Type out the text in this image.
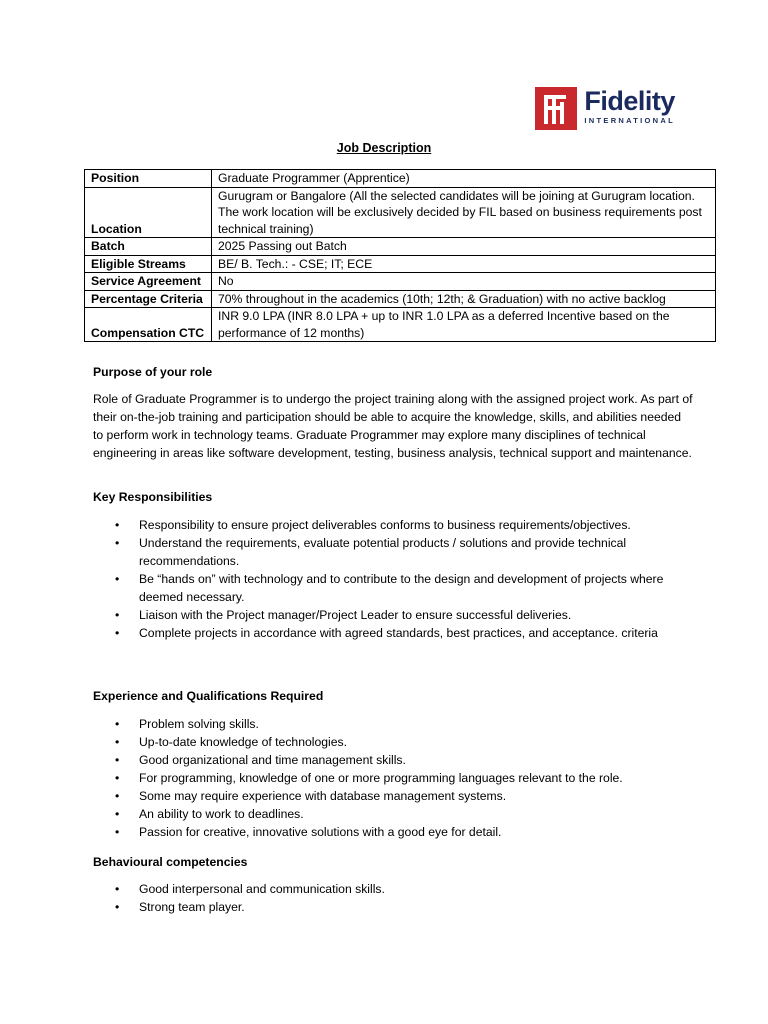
Fidelity
INTERNATIONAL
Job Description
Position	Graduate Programmer (Apprentice)
Location	Gurugram or Bangalore (All the selected candidates will be joining at Gurugram location. The work location will be exclusively decided by FIL based on business requirements post technical training)
Batch	2025 Passing out Batch
Eligible Streams	BE/ B. Tech.: - CSE; IT; ECE
Service Agreement	No
Percentage Criteria	70% throughout in the academics (10th; 12th; & Graduation) with no active backlog
Compensation CTC	INR 9.0 LPA (INR 8.0 LPA + up to INR 1.0 LPA as a deferred Incentive based on the performance of 12 months)
Purpose of your role
Role of Graduate Programmer is to undergo the project training along with the assigned project work. As part of their on-the-job training and participation should be able to acquire the knowledge, skills, and abilities needed to perform work in technology teams. Graduate Programmer may explore many disciplines of technical engineering in areas like software development, testing, business analysis, technical support and maintenance.
Key Responsibilities
• Responsibility to ensure project deliverables conforms to business requirements/objectives.
• Understand the requirements, evaluate potential products / solutions and provide technical recommendations.
• Be “hands on” with technology and to contribute to the design and development of projects where deemed necessary.
• Liaison with the Project manager/Project Leader to ensure successful deliveries.
• Complete projects in accordance with agreed standards, best practices, and acceptance. criteria
Experience and Qualifications Required
• Problem solving skills.
• Up-to-date knowledge of technologies.
• Good organizational and time management skills.
• For programming, knowledge of one or more programming languages relevant to the role.
• Some may require experience with database management systems.
• An ability to work to deadlines.
• Passion for creative, innovative solutions with a good eye for detail.
Behavioural competencies
• Good interpersonal and communication skills.
• Strong team player.
